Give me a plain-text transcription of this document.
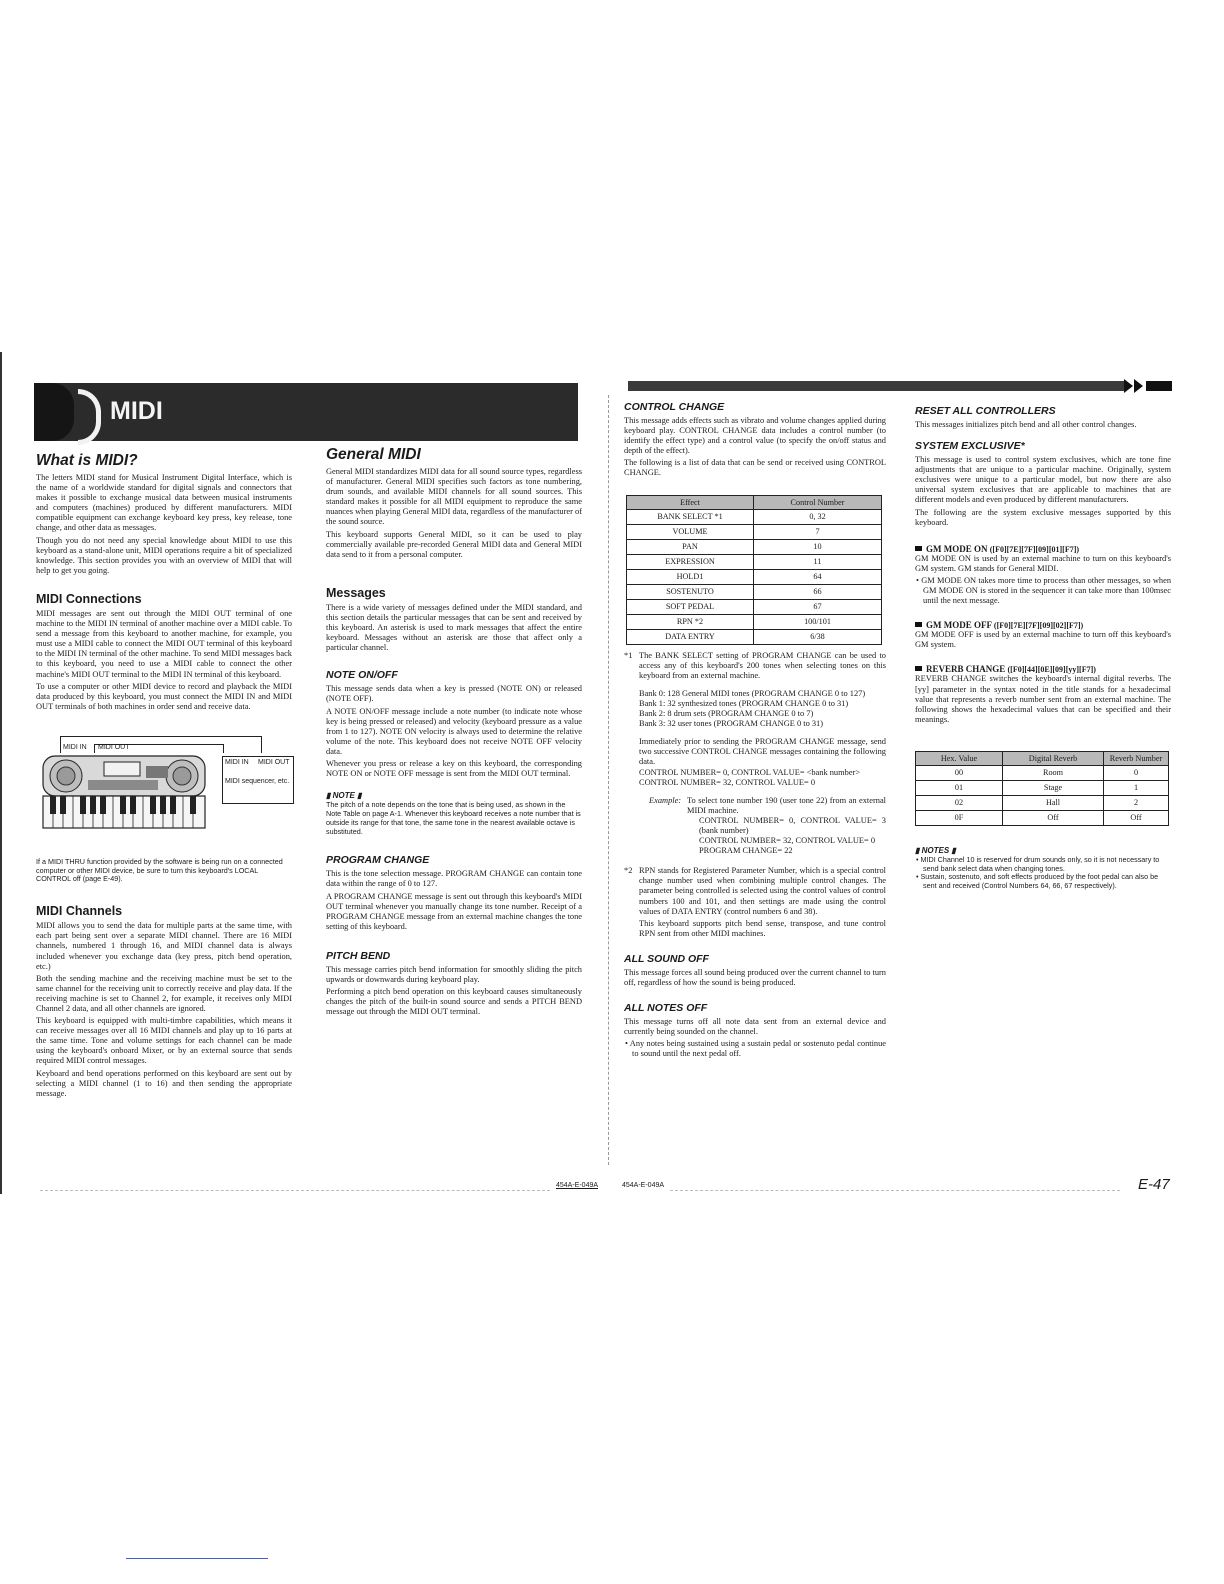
MIDI
What is MIDI?

The letters MIDI stand for Musical Instrument Digital Interface, which is the name of a worldwide standard for digital signals and connectors that makes it possible to exchange musical data between musical instruments and computers (machines) produced by different manufacturers. MIDI compatible equipment can exchange keyboard key press, key release, tone change, and other data as messages.

Though you do not need any special knowledge about MIDI to use this keyboard as a stand-alone unit, MIDI operations require a bit of specialized knowledge. This section provides you with an overview of MIDI that will help to get you going.

MIDI Connections

MIDI messages are sent out through the MIDI OUT terminal of one machine to the MIDI IN terminal of another machine over a MIDI cable. To send a message from this keyboard to another machine, for example, you must use a MIDI cable to connect the MIDI OUT terminal of this keyboard to the MIDI IN terminal of the other machine. To send MIDI messages back to this keyboard, you need to use a MIDI cable to connect the other machine's MIDI OUT terminal to the MIDI IN terminal of this keyboard.

To use a computer or other MIDI device to record and playback the MIDI data produced by this keyboard, you must connect the MIDI IN and MIDI OUT terminals of both machines in order send and receive data.

MIDI IN MIDI OUT
MIDI IN MIDI OUT
MIDI sequencer, etc.

If a MIDI THRU function provided by the software is being run on a connected computer or other MIDI device, be sure to turn this keyboard's LOCAL CONTROL off (page E-49).

MIDI Channels

MIDI allows you to send the data for multiple parts at the same time, with each part being sent over a separate MIDI channel. There are 16 MIDI channels, numbered 1 through 16, and MIDI channel data is always included whenever you exchange data (key press, pitch bend operation, etc.)

Both the sending machine and the receiving machine must be set to the same channel for the receiving unit to correctly receive and play data. If the receiving machine is set to Channel 2, for example, it receives only MIDI Channel 2 data, and all other channels are ignored.

This keyboard is equipped with multi-timbre capabilities, which means it can receive messages over all 16 MIDI channels and play up to 16 parts at the same time. Tone and volume settings for each channel can be made using the keyboard's onboard Mixer, or by an external source that sends required MIDI control messages.

Keyboard and bend operations performed on this keyboard are sent out by selecting a MIDI channel (1 to 16) and then sending the appropriate message.

General MIDI

General MIDI standardizes MIDI data for all sound source types, regardless of manufacturer. General MIDI specifies such factors as tone numbering, drum sounds, and available MIDI channels for all sound sources. This standard makes it possible for all MIDI equipment to reproduce the same nuances when playing General MIDI data, regardless of the manufacturer of the sound source.

This keyboard supports General MIDI, so it can be used to play commercially available pre-recorded General MIDI data and General MIDI data send to it from a personal computer.

Messages

There is a wide variety of messages defined under the MIDI standard, and this section details the particular messages that can be sent and received by this keyboard. An asterisk is used to mark messages that affect the entire keyboard. Messages without an asterisk are those that affect only a particular channel.

NOTE ON/OFF

This message sends data when a key is pressed (NOTE ON) or released (NOTE OFF).

A NOTE ON/OFF message include a note number (to indicate note whose key is being pressed or released) and velocity (keyboard pressure as a value from 1 to 127). NOTE ON velocity is always used to determine the relative volume of the note. This keyboard does not receive NOTE OFF velocity data.

Whenever you press or release a key on this keyboard, the corresponding NOTE ON or NOTE OFF message is sent from the MIDI OUT terminal.

▮ NOTE ▮

The pitch of a note depends on the tone that is being used, as shown in the Note Table on page A-1. Whenever this keyboard receives a note number that is outside its range for that tone, the same tone in the nearest available octave is substituted.

PROGRAM CHANGE

This is the tone selection message. PROGRAM CHANGE can contain tone data within the range of 0 to 127.

A PROGRAM CHANGE message is sent out through this keyboard's MIDI OUT terminal whenever you manually change its tone number. Receipt of a PROGRAM CHANGE message from an external machine changes the tone setting of this keyboard.

PITCH BEND

This message carries pitch bend information for smoothly sliding the pitch upwards or downwards during keyboard play.

Performing a pitch bend operation on this keyboard causes simultaneously changes the pitch of the built-in sound source and sends a PITCH BEND message out through the MIDI OUT terminal.

CONTROL CHANGE

This message adds effects such as vibrato and volume changes applied during keyboard play. CONTROL CHANGE data includes a control number (to identify the effect type) and a control value (to specify the on/off status and depth of the effect).

The following is a list of data that can be send or received using CONTROL CHANGE.

Effect	Control Number
BANK SELECT *1	0, 32
VOLUME	7
PAN	10
EXPRESSION	11
HOLD1	64
SOSTENUTO	66
SOFT PEDAL	67
RPN *2	100/101
DATA ENTRY	6/38
*1 The BANK SELECT setting of PROGRAM CHANGE can be used to access any of this keyboard's 200 tones when selecting tones on this keyboard from an external machine.

Bank 0: 128 General MIDI tones (PROGRAM CHANGE 0 to 127)

Bank 1: 32 synthesized tones (PROGRAM CHANGE 0 to 31)

Bank 2: 8 drum sets (PROGRAM CHANGE 0 to 7)

Bank 3: 32 user tones (PROGRAM CHANGE 0 to 31)

Immediately prior to sending the PROGRAM CHANGE message, send two successive CONTROL CHANGE messages containing the following data.

CONTROL NUMBER= 0, CONTROL VALUE= <bank number>

CONTROL NUMBER= 32, CONTROL VALUE= 0

Example: To select tone number 190 (user tone 22) from an external MIDI machine.

CONTROL NUMBER= 0, CONTROL VALUE= 3 (bank number)

CONTROL NUMBER= 32, CONTROL VALUE= 0

PROGRAM CHANGE= 22

*2 RPN stands for Registered Parameter Number, which is a special control change number used when combining multiple control changes. The parameter being controlled is selected using the control values of control numbers 100 and 101, and then settings are made using the control values of DATA ENTRY (control numbers 6 and 38).

This keyboard supports pitch bend sense, transpose, and tune control RPN sent from other MIDI machines.

ALL SOUND OFF

This message forces all sound being produced over the current channel to turn off, regardless of how the sound is being produced.

ALL NOTES OFF

This message turns off all note data sent from an external device and currently being sounded on the channel.

• Any notes being sustained using a sustain pedal or sostenuto pedal continue to sound until the next pedal off.

RESET ALL CONTROLLERS

This messages initializes pitch bend and all other control changes.

SYSTEM EXCLUSIVE*

This message is used to control system exclusives, which are tone fine adjustments that are unique to a particular machine. Originally, system exclusives were unique to a particular model, but now there are also universal system exclusives that are applicable to machines that are different models and even produced by different manufacturers.

The following are the system exclusive messages supported by this keyboard.

GM MODE ON ([F0][7E][7F][09][01][F7])

GM MODE ON is used by an external machine to turn on this keyboard's GM system. GM stands for General MIDI.

• GM MODE ON takes more time to process than other messages, so when GM MODE ON is stored in the sequencer it can take more than 100msec until the next message.

GM MODE OFF ([F0][7E][7F][09][02][F7])

GM MODE OFF is used by an external machine to turn off this keyboard's GM system.

REVERB CHANGE ([F0][44][0E][09][yy][F7])

REVERB CHANGE switches the keyboard's internal digital reverbs. The [yy] parameter in the syntax noted in the title stands for a hexadecimal value that represents a reverb number sent from an external machine. The following shows the hexadecimal values that can be specified and their meanings.

Hex. Value	Digital Reverb	Reverb Number
00	Room	0
01	Stage	1
02	Hall	2
0F	Off	Off
▮ NOTES ▮

• MIDI Channel 10 is reserved for drum sounds only, so it is not necessary to send bank select data when changing tones.

• Sustain, sostenuto, and soft effects produced by the foot pedal can also be sent and received (Control Numbers 64, 66, 67 respectively).

454A-E-049A	454A-E-049A	E-47
